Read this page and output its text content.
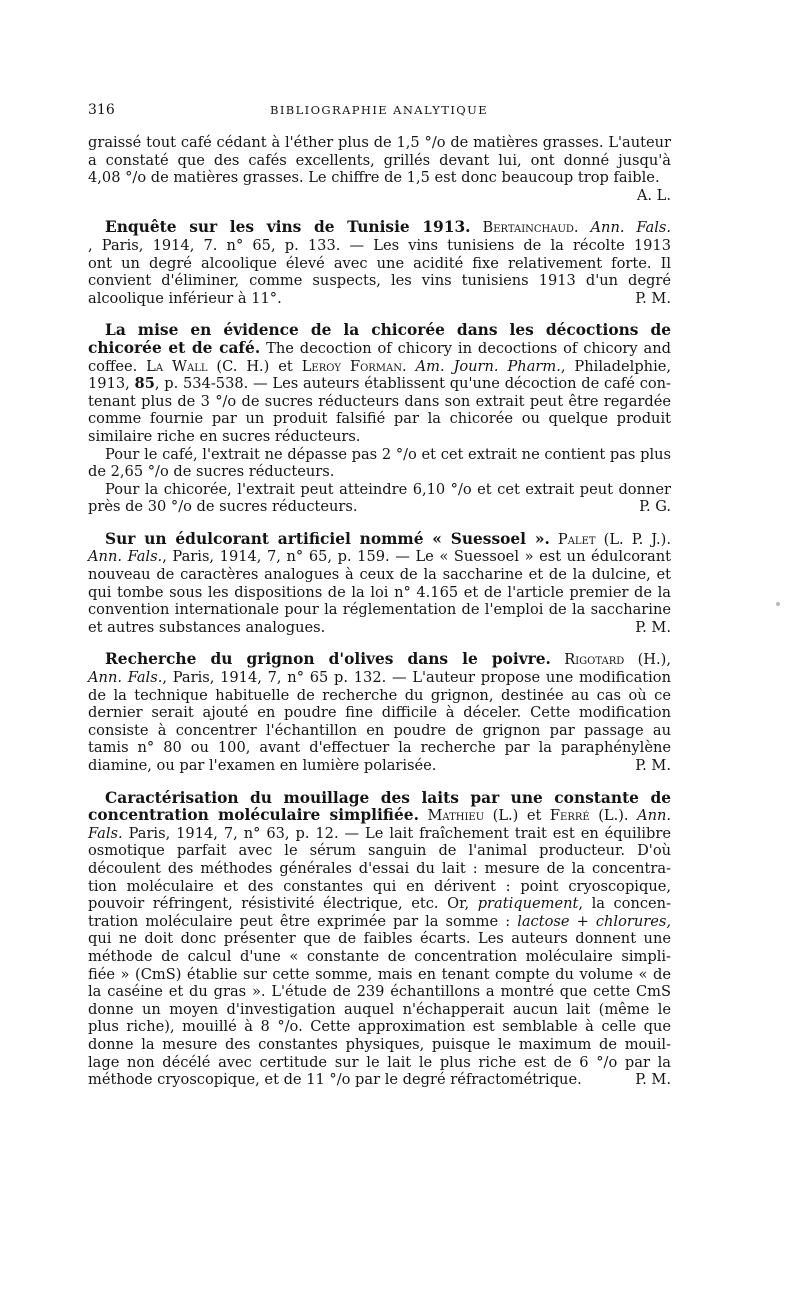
316	BIBLIOGRAPHIE ANALYTIQUE

graissé tout café cédant à l'éther plus de 1,5 °/o de matières grasses. L'auteur

a constaté que des cafés excellents, grillés devant lui, ont donné jusqu'à

4,08 °/o de matières grasses. Le chiffre de 1,5 est donc beaucoup trop faible.

A. L.

Enquête sur les vins de Tunisie 1913. Bertainchaud. Ann. Fals.

, Paris, 1914, 7. n° 65, p. 133. — Les vins tunisiens de la récolte 1913

ont un degré alcoolique élevé avec une acidité fixe relativement forte. Il

convient d'éliminer, comme suspects, les vins tunisiens 1913 d'un degré

alcoolique inférieur à 11°.	P. M.

La mise en évidence de la chicorée dans les décoctions de

chicorée et de café. The decoction of chicory in decoctions of chicory and

coffee. La Wall (C. H.) et Leroy Forman. Am. Journ. Pharm., Philadelphie,

1913, 85, p. 534-538. — Les auteurs établissent qu'une décoction de café con-

tenant plus de 3 °/o de sucres réducteurs dans son extrait peut être regardée

comme fournie par un produit falsifié par la chicorée ou quelque produit

similaire riche en sucres réducteurs.

Pour le café, l'extrait ne dépasse pas 2 °/o et cet extrait ne contient pas plus

de 2,65 °/o de sucres réducteurs.

Pour la chicorée, l'extrait peut atteindre 6,10 °/o et cet extrait peut donner

près de 30 °/o de sucres réducteurs.	P. G.

Sur un édulcorant artificiel nommé « Suessoel ». Palet (L. P. J.).

Ann. Fals., Paris, 1914, 7, n° 65, p. 159. — Le « Suessoel » est un édulcorant

nouveau de caractères analogues à ceux de la saccharine et de la dulcine, et

qui tombe sous les dispositions de la loi n° 4.165 et de l'article premier de la

convention internationale pour la réglementation de l'emploi de la saccharine

et autres substances analogues.	P. M.

Recherche du grignon d'olives dans le poivre. Rigotard (H.),

Ann. Fals., Paris, 1914, 7, n° 65 p. 132. — L'auteur propose une modification

de la technique habituelle de recherche du grignon, destinée au cas où ce

dernier serait ajouté en poudre fine difficile à déceler. Cette modification

consiste à concentrer l'échantillon en poudre de grignon par passage au

tamis n° 80 ou 100, avant d'effectuer la recherche par la paraphénylène

diamine, ou par l'examen en lumière polarisée.	P. M.

Caractérisation du mouillage des laits par une constante de

concentration moléculaire simplifiée. Mathieu (L.) et Ferré (L.). Ann.

Fals. Paris, 1914, 7, n° 63, p. 12. — Le lait fraîchement trait est en équilibre

osmotique parfait avec le sérum sanguin de l'animal producteur. D'où

découlent des méthodes générales d'essai du lait : mesure de la concentra-

tion moléculaire et des constantes qui en dérivent : point cryoscopique,

pouvoir réfringent, résistivité électrique, etc. Or, pratiquement, la concen-

tration moléculaire peut être exprimée par la somme : lactose + chlorures,

qui ne doit donc présenter que de faibles écarts. Les auteurs donnent une

méthode de calcul d'une « constante de concentration moléculaire simpli-

fiée » (CmS) établie sur cette somme, mais en tenant compte du volume « de

la caséine et du gras ». L'étude de 239 échantillons a montré que cette CmS

donne un moyen d'investigation auquel n'échapperait aucun lait (même le

plus riche), mouillé à 8 °/o. Cette approximation est semblable à celle que

donne la mesure des constantes physiques, puisque le maximum de mouil-

lage non décélé avec certitude sur le lait le plus riche est de 6 °/o par la

méthode cryoscopique, et de 11 °/o par le degré réfractométrique.	P. M.
